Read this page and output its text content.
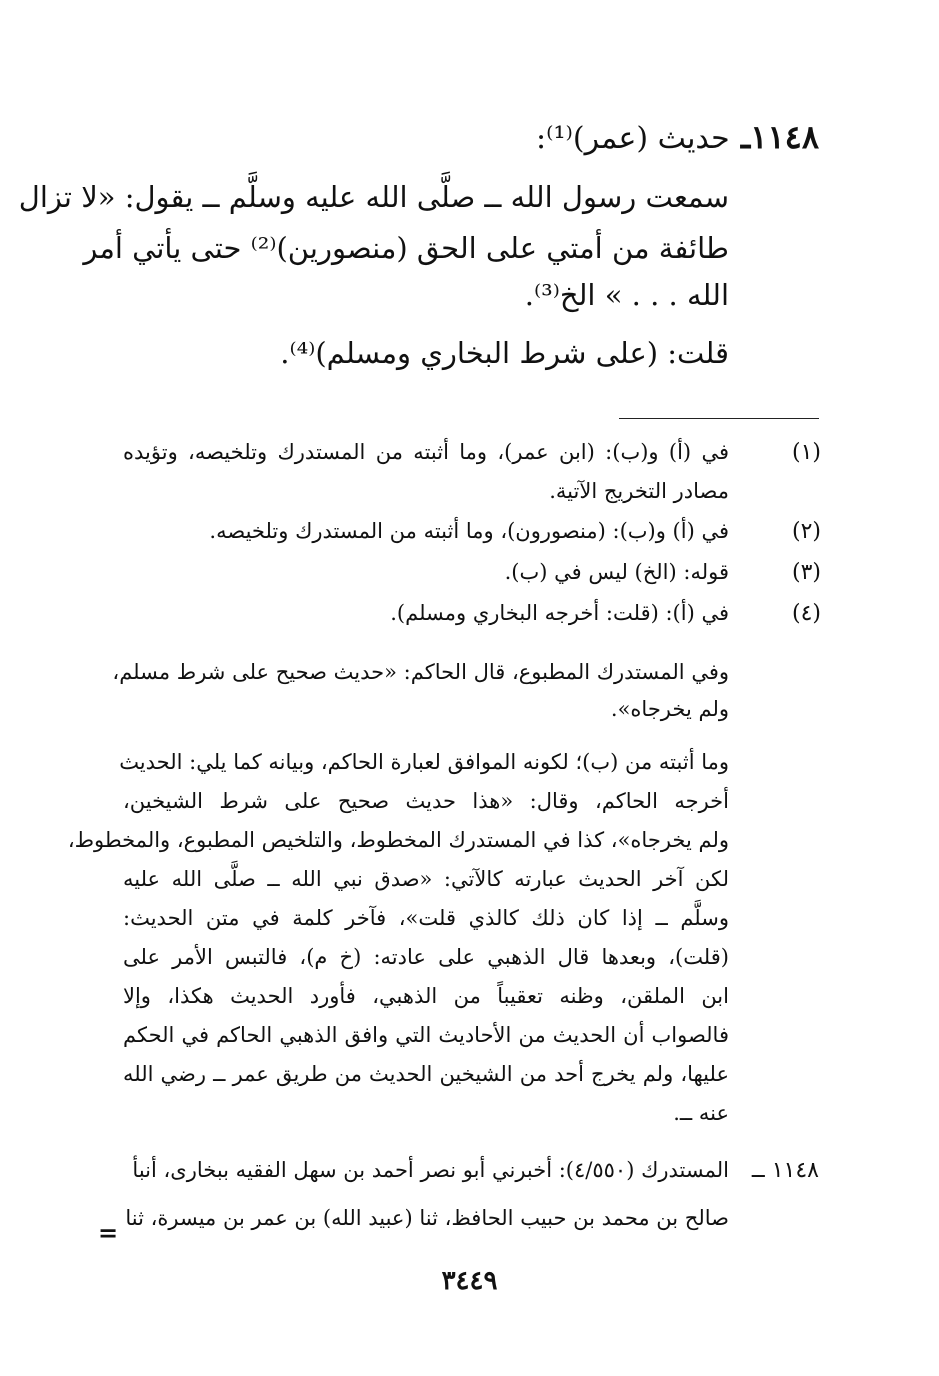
١١٤٨ـ حديث (عمر)⁽¹⁾:
سمعت رسول الله ــ صلَّى الله عليه وسلَّم ــ يقول: «لا تزال
طائفة من أمتي على الحق (منصورين)⁽²⁾ حتى يأتي أمر
الله . . . » الخ⁽³⁾.
قلت: (على شرط البخاري ومسلم)⁽⁴⁾.
(١)
في (أ) و(ب): (ابن عمر)، وما أثبته من المستدرك وتلخيصه، وتؤيده
مصادر التخريج الآتية.
(٢)
في (أ) و(ب): (منصورون)، وما أثبته من المستدرك وتلخيصه.
(٣)
قوله: (الخ) ليس في (ب).
(٤)
في (أ): (قلت: أخرجه البخاري ومسلم).
وفي المستدرك المطبوع، قال الحاكم: «حديث صحيح على شرط مسلم،
ولم يخرجاه».
وما أثبته من (ب)؛ لكونه الموافق لعبارة الحاكم، وبيانه كما يلي: الحديث
أخرجه الحاكم، وقال: «هذا حديث صحيح على شرط الشيخين،
ولم يخرجاه»، كذا في المستدرك المخطوط، والتلخيص المطبوع، والمخطوط،
لكن آخر الحديث عبارته كالآتي: «صدق نبي الله ــ صلَّى الله عليه
وسلَّم ــ إذا كان ذلك كالذي قلت»، فآخر كلمة في متن الحديث:
(قلت)، وبعدها قال الذهبي على عادته: (خ م)، فالتبس الأمر على
ابن الملقن، وظنه تعقيباً من الذهبي، فأورد الحديث هكذا، وإلا
فالصواب أن الحديث من الأحاديث التي وافق الذهبي الحاكم في الحكم
عليها، ولم يخرج أحد من الشيخين الحديث من طريق عمر ــ رضي الله
عنه ــ.
١١٤٨ ــ
المستدرك (٤/٥٥٠): أخبرني أبو نصر أحمد بن سهل الفقيه ببخارى، أنبأ
صالح بن محمد بن حبيب الحافظ، ثنا (عبيد الله) بن عمر بن ميسرة، ثنا
=
٣٤٤٩
